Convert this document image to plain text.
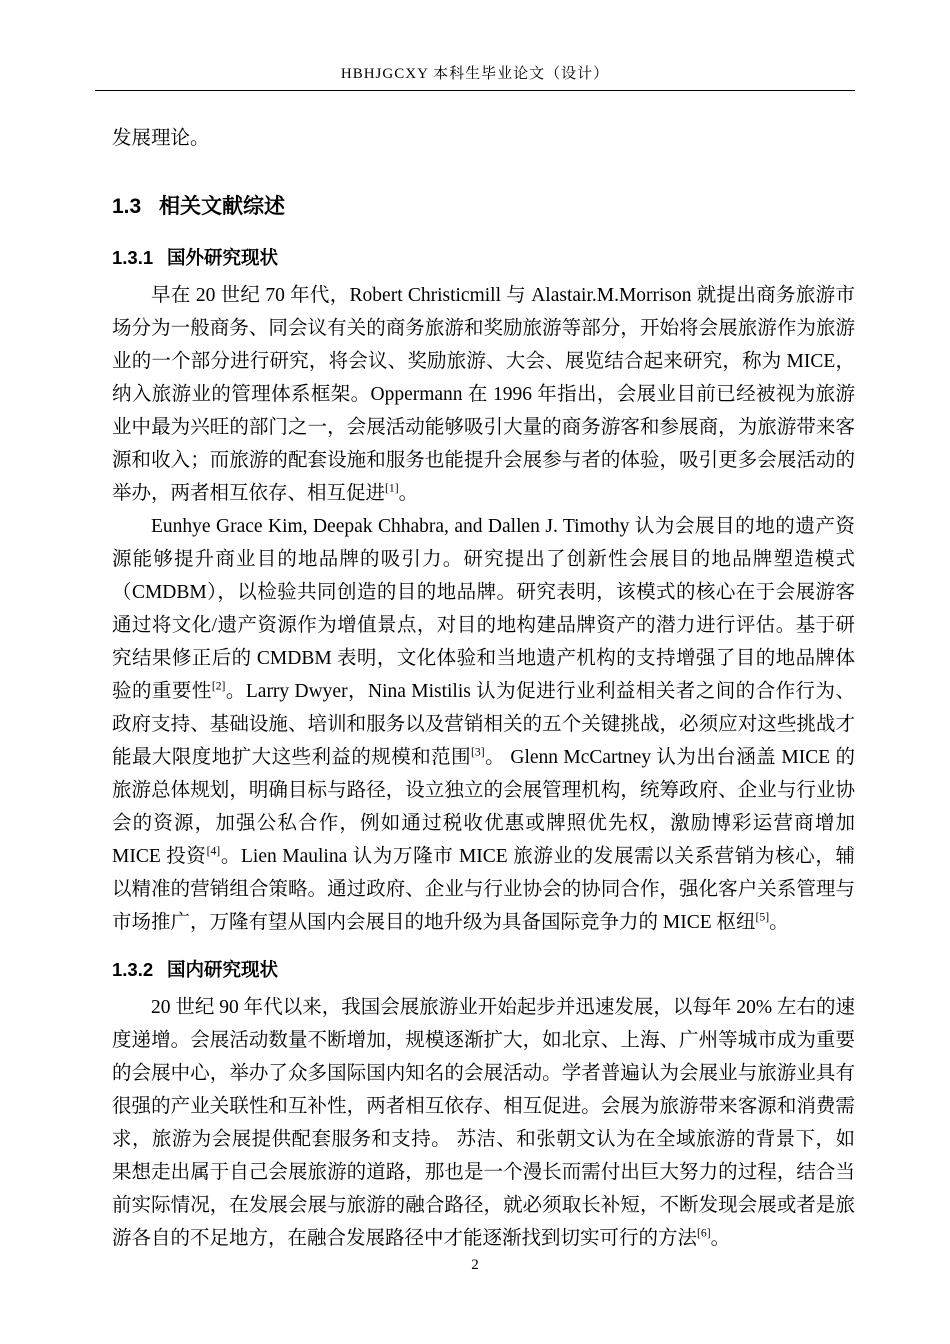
HBHJGCXY 本科生毕业论文（设计）

发展理论。

1.3 相关文献综述
1.3.1 国外研究现状

早在 20 世纪 70 年代，Robert Christicmill 与 Alastair.M.Morrison 就提出商务旅游市场分为一般商务、同会议有关的商务旅游和奖励旅游等部分，开始将会展旅游作为旅游业的一个部分进行研究，将会议、奖励旅游、大会、展览结合起来研究，称为 MICE，纳入旅游业的管理体系框架。Oppermann 在 1996 年指出，会展业目前已经被视为旅游业中最为兴旺的部门之一，会展活动能够吸引大量的商务游客和参展商，为旅游带来客源和收入；而旅游的配套设施和服务也能提升会展参与者的体验，吸引更多会展活动的举办，两者相互依存、相互促进[1]。

Eunhye Grace Kim, Deepak Chhabra, and Dallen J. Timothy 认为会展目的地的遗产资源能够提升商业目的地品牌的吸引力。研究提出了创新性会展目的地品牌塑造模式（CMDBM），以检验共同创造的目的地品牌。研究表明，该模式的核心在于会展游客通过将文化/遗产资源作为增值景点，对目的地构建品牌资产的潜力进行评估。基于研究结果修正后的 CMDBM 表明，文化体验和当地遗产机构的支持增强了目的地品牌体验的重要性[2]。Larry Dwyer，Nina Mistilis 认为促进行业利益相关者之间的合作行为、政府支持、基础设施、培训和服务以及营销相关的五个关键挑战，必须应对这些挑战才能最大限度地扩大这些利益的规模和范围[3]。 Glenn McCartney 认为出台涵盖 MICE 的旅游总体规划，明确目标与路径，设立独立的会展管理机构，统筹政府、企业与行业协会的资源，加强公私合作，例如通过税收优惠或牌照优先权，激励博彩运营商增加 MICE 投资[4]。Lien Maulina 认为万隆市 MICE 旅游业的发展需以关系营销为核心，辅以精准的营销组合策略。通过政府、企业与行业协会的协同合作，强化客户关系管理与市场推广，万隆有望从国内会展目的地升级为具备国际竞争力的 MICE 枢纽[5]。

1.3.2 国内研究现状

20 世纪 90 年代以来，我国会展旅游业开始起步并迅速发展，以每年 20% 左右的速度递增。会展活动数量不断增加，规模逐渐扩大，如北京、上海、广州等城市成为重要的会展中心，举办了众多国际国内知名的会展活动。学者普遍认为会展业与旅游业具有很强的产业关联性和互补性，两者相互依存、相互促进。会展为旅游带来客源和消费需求，旅游为会展提供配套服务和支持。 苏洁、和张朝文认为在全域旅游的背景下，如果想走出属于自己会展旅游的道路，那也是一个漫长而需付出巨大努力的过程，结合当前实际情况，在发展会展与旅游的融合路径，就必须取长补短，不断发现会展或者是旅游各自的不足地方，在融合发展路径中才能逐渐找到切实可行的方法[6]。

2
